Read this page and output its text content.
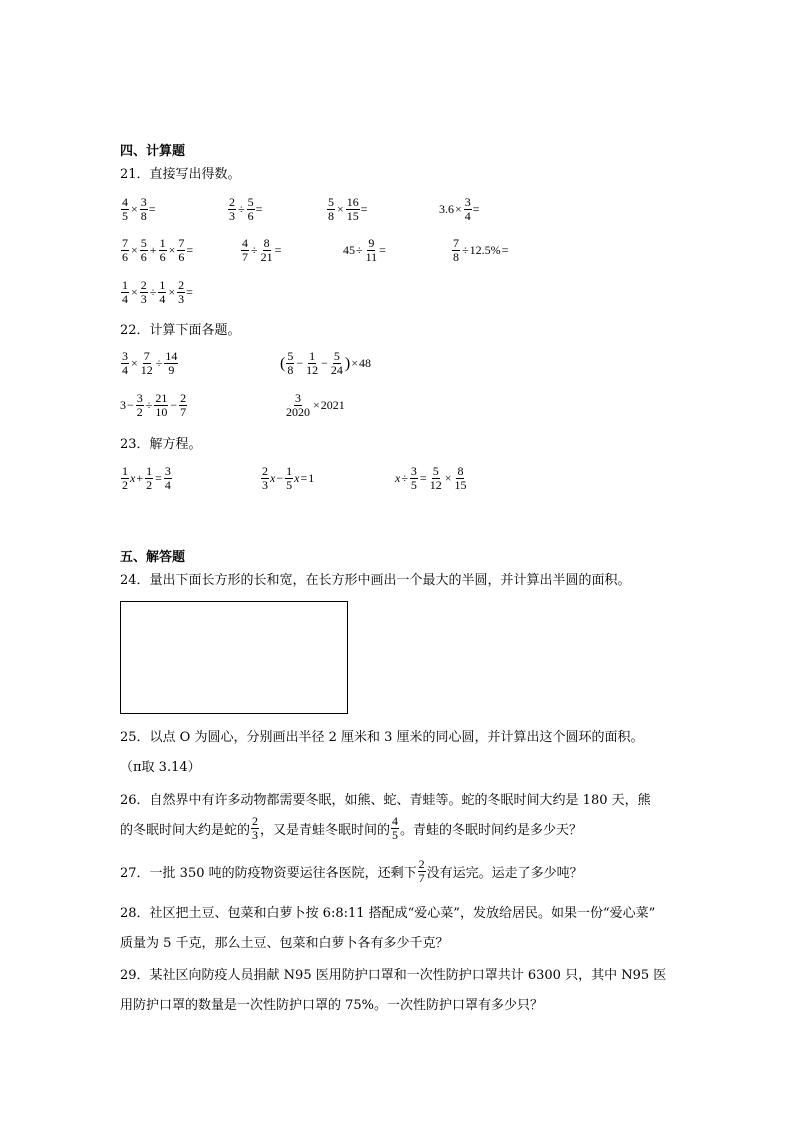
四、计算题
21．直接写出得数。
$\frac{4}{5} \times \frac{3}{8}$ =	$\frac{2}{3} \div \frac{5}{6}$ =	$\frac{5}{8} \times \frac{16}{15}$ =	$3.6 \times \frac{3}{4}$ =
$\frac{7}{6} \times \frac{5}{6} + \frac{1}{6} \times \frac{7}{6}$ =	$\frac{4}{7} \div \frac{8}{21}$ =	$45 \div \frac{9}{11}$ =	$\frac{7}{8} \div 12.5\%$ =
$\frac{1}{4} \times \frac{2}{3} \div \frac{1}{4} \times \frac{2}{3}$ =
22．计算下面各题。
$\frac{3}{4} \times \frac{7}{12} \div \frac{14}{9}$	( $\frac{5}{8} - \frac{1}{12} - \frac{5}{24}$ ) × 48
$3 - \frac{3}{2} \div \frac{21}{10} - \frac{2}{7}$	$\frac{3}{2020} \times 2021$
23．解方程。
$\frac{1}{2}$ $x + \frac{1}{2} = \frac{3}{4}$	$\frac{2}{3}$ $x - \frac{1}{5}$ x = 1	$x \div \frac{3}{5} = \frac{5}{12} \times \frac{8}{15}$
五、解答题
24．量出下面长方形的长和宽，在长方形中画出一个最大的半圆，并计算出半圆的面积。
25．以点 O 为圆心，分别画出半径 2 厘米和 3 厘米的同心圆，并计算出这个圆环的面积。
（π取 3.14）
26．自然界中有许多动物都需要冬眠，如熊、蛇、青蛙等。蛇的冬眠时间大约是 180 天，熊
的冬眠时间大约是蛇的 $\frac{2}{3}$ ，又是青蛙冬眠时间的 $\frac{4}{5}$ 。青蛙的冬眠时间约是多少天？
27．一批 350 吨的防疫物资要运往各医院，还剩下 $\frac{2}{7}$ 没有运完。运走了多少吨？
28．社区把土豆、包菜和白萝卜按 6:8:11 搭配成“爱心菜”，发放给居民。如果一份“爱心菜”
质量为 5 千克，那么土豆、包菜和白萝卜各有多少千克？
29．某社区向防疫人员捐献 N95 医用防护口罩和一次性防护口罩共计 6300 只，其中 N95 医
用防护口罩的数量是一次性防护口罩的 75%。一次性防护口罩有多少只？
